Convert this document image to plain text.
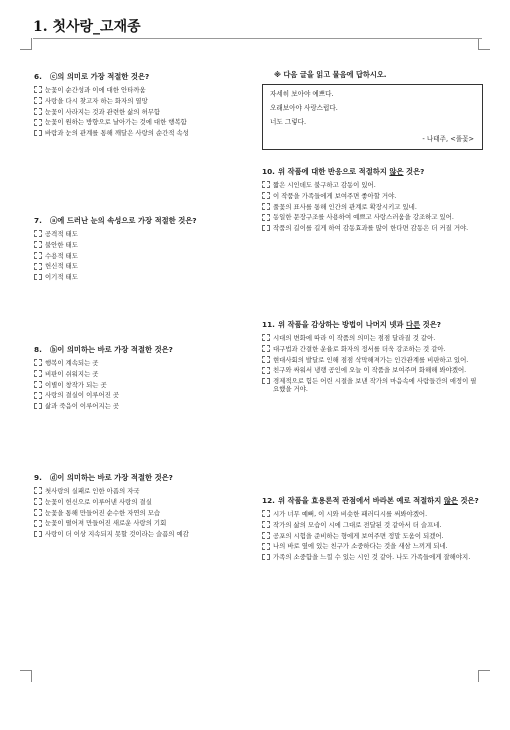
1. 첫사랑_고재종
※ 다음 글을 읽고 물음에 답하시오.
자세히 보아야 예쁘다.
오래보아야 사랑스럽다.
너도 그렇다.
- 나태주, <풀꽃>
6. ⓒ의 의미로 가장 적절한 것은?
눈꽃이 순간성과 이에 대한 안타까움
사랑을 다시 찾고자 하는 화자의 열망
눈꽃이 사라지는 것과 관련한 삶의 허무함
눈꽃이 원하는 방향으로 날아가는 것에 대한 행복함
바람과 눈의 관계를 통해 깨달은 사랑의 순간적 속성
7. ⓐ에 드러난 눈의 속성으로 가장 적절한 것은?
공격적 태도
불안한 태도
수용적 태도
헌신적 태도
이기적 태도
8. ⓑ이 의미하는 바로 가장 적절한 것은?
행복이 계속되는 곳
비판이 쉬워지는 곳
이별이 창작가 되는 곳
사랑의 결실이 이루어진 곳
삶과 죽음이 이루어지는 곳
9. ⓓ이 의미하는 바로 가장 적절한 것은?
첫사랑의 실패로 인한 아픔의 자국
눈꽃이 헌신으로 이루어낸 사랑의 결실
눈꽃을 통해 만들어진 순수한 자연의 모습
눈꽃이 떨어져 만들어진 새로운 사랑의 기회
사랑이 더 이상 지속되지 못할 것이라는 슬픔의 예감
10. 위 작품에 대한 반응으로 적절하지 않은 것은?
짧은 시인데도 불구하고 감동이 있어.
이 작품을 가족들에게 보여주면 좋아할 거야.
풀꽃의 표사를 통해 인간의 관계로 확장시키고 있네.
동일한 문장구조를 사용하여 예쁘고 사랑스러움을 강조하고 있어.
작품의 길이를 길게 하여 감동효과를 많이 한다면 감동은 더 커질 거야.
11. 위 작품을 감상하는 방법이 나머지 넷과 다른 것은?
시대의 변화에 따라 이 작품의 의미는 점점 달라질 것 같아.
대구법과 간결한 운율로 화자의 정서를 더욱 강조하는 것 같아.
현대사회의 발달로 인해 점점 삭막해져가는 인간관계를 비판하고 있어.
친구와 싸워서 냉랭 공인에 오늘 이 작품을 보여주며 화해해 봐야겠어.
경제적으로 힘든 어린 시절을 보낸 작가의 마음속에 사람들간의 애정이 필요했을 거야.
12. 위 작품을 효용론적 관점에서 바라본 예로 적절하지 않은 것은?
시가 너무 예뻐, 이 시와 비슷한 패러디시를 써봐야겠어.
작가의 삶의 모습이 시에 그대로 전달된 것 같아서 더 슬프네.
공포의 시험을 준비하는 형에게 보여주면 정말 도움이 되겠어.
나의 바로 옆에 있는 친구가 소중하다는 것을 새삼 느끼게 되네.
가족의 소중함을 느낄 수 있는 시인 것 같아. 나도 가족들에게 잘해야지.
